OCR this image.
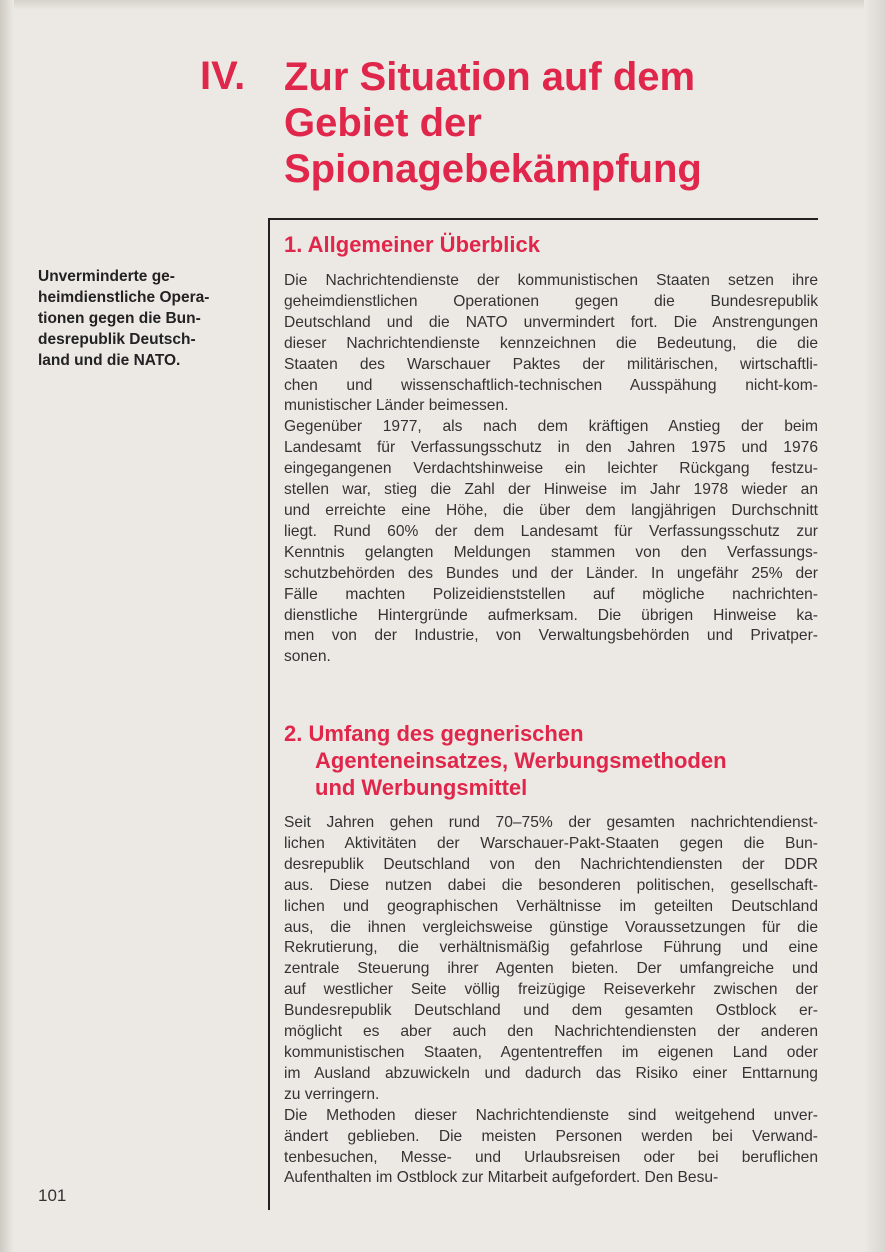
IV. Zur Situation auf dem
Gebiet der
Spionagebekämpfung
Unverminderte ge-
heimdienstliche Opera-
tionen gegen die Bun-
desrepublik Deutsch-
land und die NATO.
1. Allgemeiner Überblick
Die Nachrichtendienste der kommunistischen Staaten setzen ihre
geheimdienstlichen Operationen gegen die Bundesrepublik
Deutschland und die NATO unvermindert fort. Die Anstrengungen
dieser Nachrichtendienste kennzeichnen die Bedeutung, die die
Staaten des Warschauer Paktes der militärischen, wirtschaftli-
chen und wissenschaftlich-technischen Ausspähung nicht-kom-
munistischer Länder beimessen.
Gegenüber 1977, als nach dem kräftigen Anstieg der beim
Landesamt für Verfassungsschutz in den Jahren 1975 und 1976
eingegangenen Verdachtshinweise ein leichter Rückgang festzu-
stellen war, stieg die Zahl der Hinweise im Jahr 1978 wieder an
und erreichte eine Höhe, die über dem langjährigen Durchschnitt
liegt. Rund 60% der dem Landesamt für Verfassungsschutz zur
Kenntnis gelangten Meldungen stammen von den Verfassungs-
schutzbehörden des Bundes und der Länder. In ungefähr 25% der
Fälle machten Polizeidienststellen auf mögliche nachrichten-
dienstliche Hintergründe aufmerksam. Die übrigen Hinweise ka-
men von der Industrie, von Verwaltungsbehörden und Privatper-
sonen.
2. Umfang des gegnerischen
Agenteneinsatzes, Werbungsmethoden
und Werbungsmittel
Seit Jahren gehen rund 70–75% der gesamten nachrichtendienst-
lichen Aktivitäten der Warschauer-Pakt-Staaten gegen die Bun-
desrepublik Deutschland von den Nachrichtendiensten der DDR
aus. Diese nutzen dabei die besonderen politischen, gesellschaft-
lichen und geographischen Verhältnisse im geteilten Deutschland
aus, die ihnen vergleichsweise günstige Voraussetzungen für die
Rekrutierung, die verhältnismäßig gefahrlose Führung und eine
zentrale Steuerung ihrer Agenten bieten. Der umfangreiche und
auf westlicher Seite völlig freizügige Reiseverkehr zwischen der
Bundesrepublik Deutschland und dem gesamten Ostblock er-
möglicht es aber auch den Nachrichtendiensten der anderen
kommunistischen Staaten, Agententreffen im eigenen Land oder
im Ausland abzuwickeln und dadurch das Risiko einer Enttarnung
zu verringern.
Die Methoden dieser Nachrichtendienste sind weitgehend unver-
ändert geblieben. Die meisten Personen werden bei Verwand-
tenbesuchen, Messe- und Urlaubsreisen oder bei beruflichen
Aufenthalten im Ostblock zur Mitarbeit aufgefordert. Den Besu-
101
